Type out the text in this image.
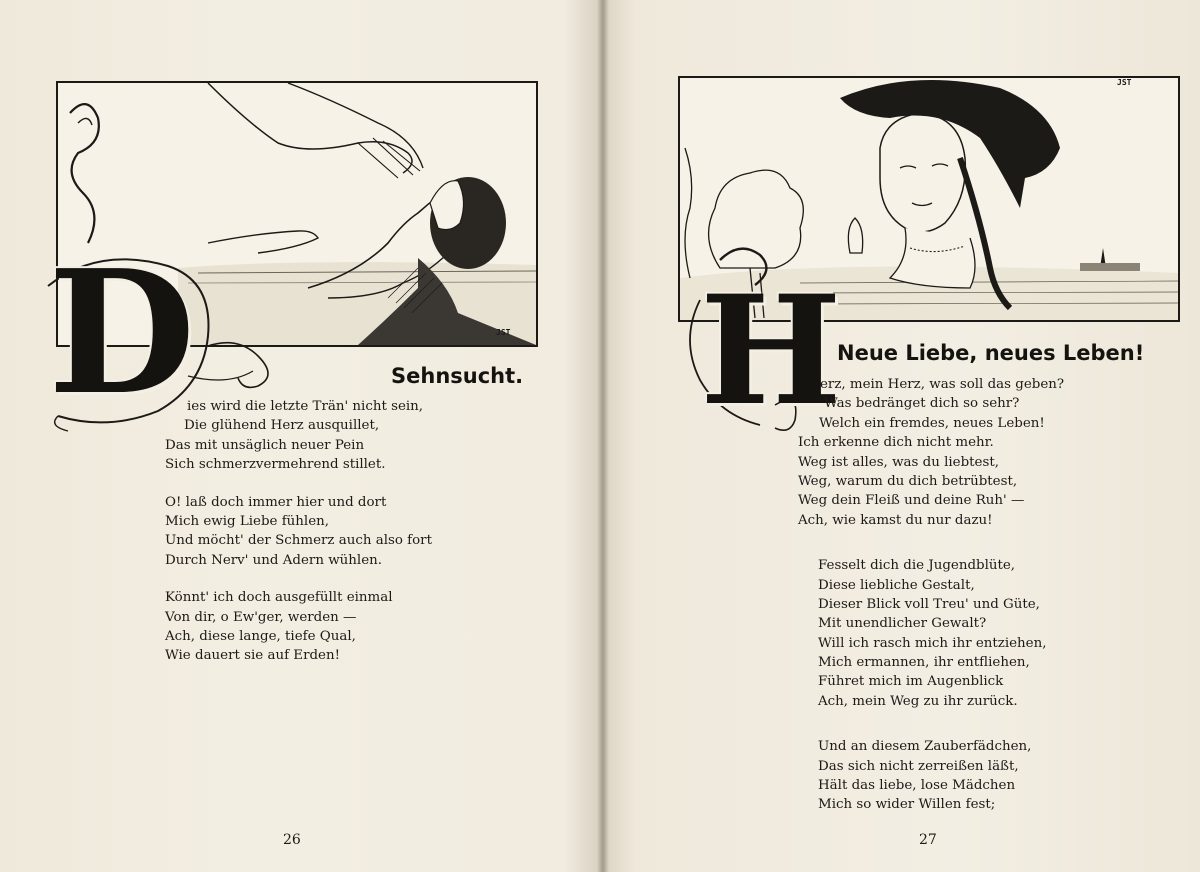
JST
D	Sehnsucht.
ies wird die letzte Trän' nicht sein,
Die glühend Herz ausquillet,
Das mit unsäglich neuer Pein
Sich schmerzvermehrend stillet.
O! laß doch immer hier und dort
Mich ewig Liebe fühlen,
Und möcht' der Schmerz auch also fort
Durch Nerv' und Adern wühlen.
Könnt' ich doch ausgefüllt einmal
Von dir, o Ew'ger, werden —
Ach, diese lange, tiefe Qual,
Wie dauert sie auf Erden!
26
JST
H
Neue Liebe, neues Leben!
erz, mein Herz, was soll das geben?
Was bedränget dich so sehr?
Welch ein fremdes, neues Leben!
Ich erkenne dich nicht mehr.
Weg ist alles, was du liebtest,
Weg, warum du dich betrübtest,
Weg dein Fleiß und deine Ruh' —
Ach, wie kamst du nur dazu!
Fesselt dich die Jugendblüte,
Diese liebliche Gestalt,
Dieser Blick voll Treu' und Güte,
Mit unendlicher Gewalt?
Will ich rasch mich ihr entziehen,
Mich ermannen, ihr entfliehen,
Führet mich im Augenblick
Ach, mein Weg zu ihr zurück.
Und an diesem Zauberfädchen,
Das sich nicht zerreißen läßt,
Hält das liebe, lose Mädchen
Mich so wider Willen fest;
27
